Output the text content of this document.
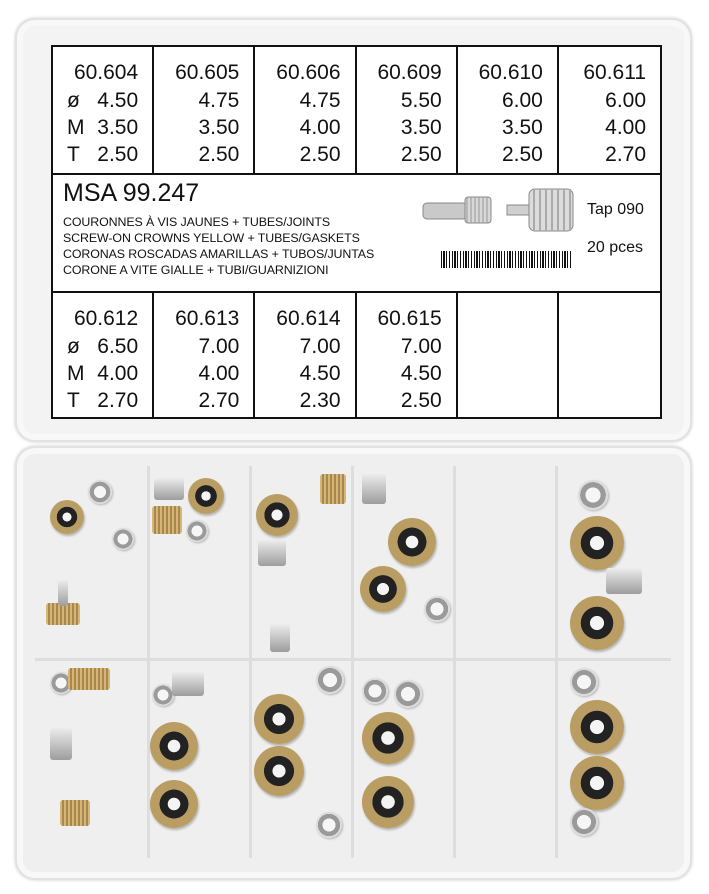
60.604
ø
M
T
4.50
3.50
2.50
60.605
4.75
3.50
2.50
60.606
4.75
4.00
2.50
60.609
5.50
3.50
2.50
60.610
6.00
3.50
2.50
60.611
6.00
4.00
2.70
MSA 99.247
COURONNES À VIS JAUNES + TUBES/JOINTS
SCREW-ON CROWNS YELLOW + TUBES/GASKETS
CORONAS ROSCADAS AMARILLAS + TUBOS/JUNTAS
CORONE A VITE GIALLE + TUBI/GUARNIZIONI
Tap 090
20 pces
60.612
ø
M
T
6.50
4.00
2.70
60.613
7.00
4.00
2.70
60.614
7.00
4.50
2.30
60.615
7.00
4.50
2.50
